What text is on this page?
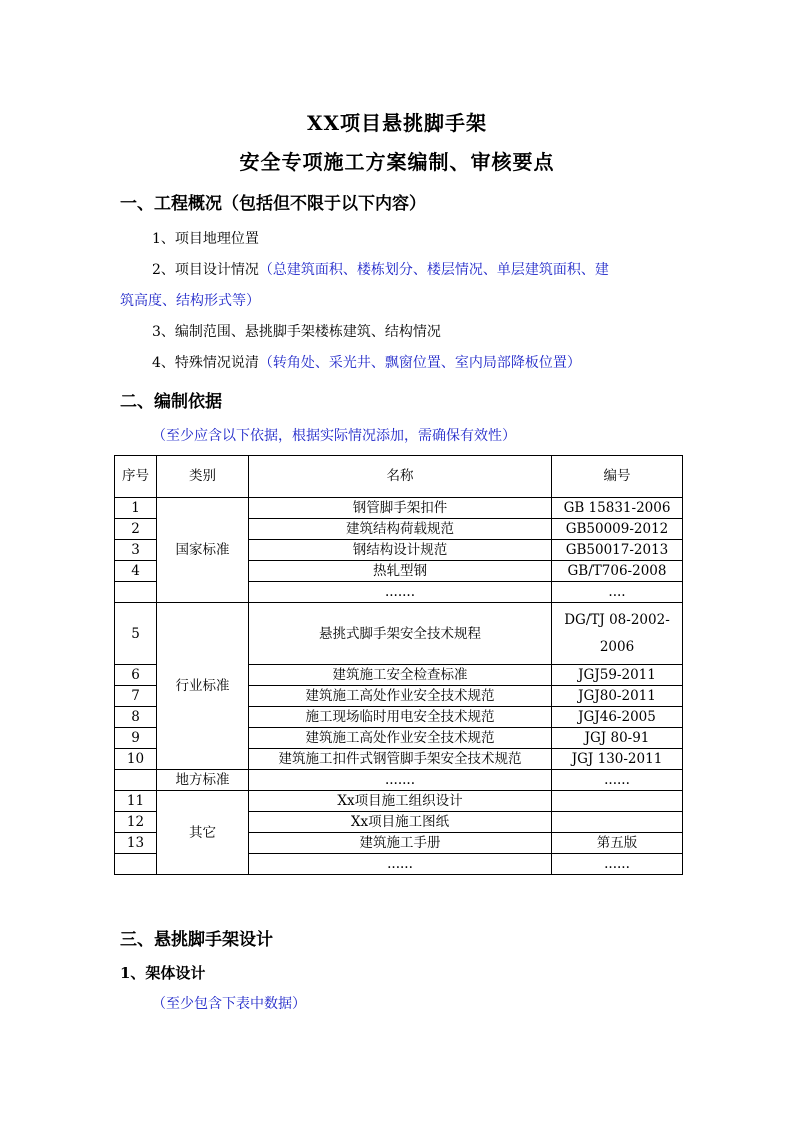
XX项目悬挑脚手架
安全专项施工方案编制、审核要点
一、工程概况（包括但不限于以下内容）
1、项目地理位置
2、项目设计情况（总建筑面积、楼栋划分、楼层情况、单层建筑面积、建
筑高度、结构形式等）
3、编制范围、悬挑脚手架楼栋建筑、结构情况
4、特殊情况说清（转角处、采光井、飘窗位置、室内局部降板位置）
二、编制依据
（至少应含以下依据，根据实际情况添加，需确保有效性）
序号	类别	名称	编号
1	国家标准	钢管脚手架扣件	GB 15831-2006
2		建筑结构荷载规范	GB50009-2012
3		钢结构设计规范	GB50017-2013
4		热轧型钢	GB/T706-2008
		.......	....
5	行业标准	悬挑式脚手架安全技术规程	DG/TJ 08-2002-2006
6		建筑施工安全检查标准	JGJ59-2011
7		建筑施工高处作业安全技术规范	JGJ80-2011
8		施工现场临时用电安全技术规范	JGJ46-2005
9		建筑施工高处作业安全技术规范	JGJ 80-91
10		建筑施工扣件式钢管脚手架安全技术规范	JGJ 130-2011
	地方标准	.......	......
11	其它	Xx项目施工组织设计	
12		Xx项目施工图纸	
13		建筑施工手册	第五版
		......	......
三、悬挑脚手架设计
1、架体设计
（至少包含下表中数据）
